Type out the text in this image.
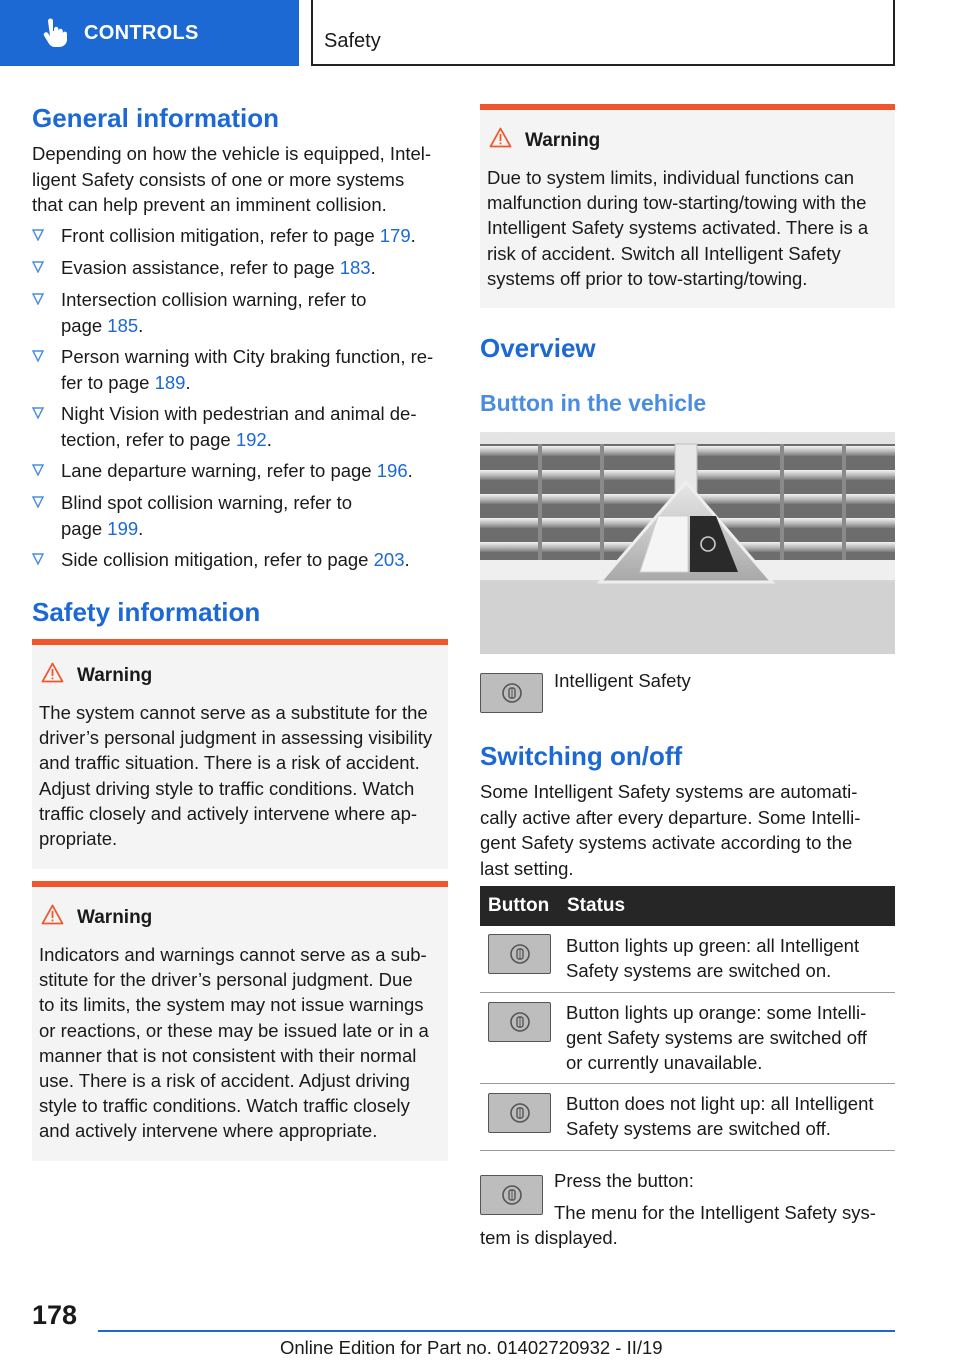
CONTROLS	Safety
General information

Depending on how the vehicle is equipped, Intel‐
ligent Safety consists of one or more systems
that can help prevent an imminent collision.

Front collision mitigation, refer to page 179.
Evasion assistance, refer to page 183.
Intersection collision warning, refer to
page 185.
Person warning with City braking function, re‐
fer to page 189.
Night Vision with pedestrian and animal de‐
tection, refer to page 192.
Lane departure warning, refer to page 196.
Blind spot collision warning, refer to
page 199.
Side collision mitigation, refer to page 203.
Safety information
Warning
The system cannot serve as a substitute for the
driver’s personal judgment in assessing visibility
and traffic situation. There is a risk of accident.
Adjust driving style to traffic conditions. Watch
traffic closely and actively intervene where ap‐
propriate.
Warning
Indicators and warnings cannot serve as a sub‐
stitute for the driver’s personal judgment. Due
to its limits, the system may not issue warnings
or reactions, or these may be issued late or in a
manner that is not consistent with their normal
use. There is a risk of accident. Adjust driving
style to traffic conditions. Watch traffic closely
and actively intervene where appropriate.
Warning
Due to system limits, individual functions can
malfunction during tow-starting/towing with the
Intelligent Safety systems activated. There is a
risk of accident. Switch all Intelligent Safety
systems off prior to tow-starting/towing.
Overview
Button in the vehicle
Intelligent Safety
Switching on/off

Some Intelligent Safety systems are automati‐
cally active after every departure. Some Intelli‐
gent Safety systems activate according to the
last setting.

Button	Status

	Button lights up green: all Intelligent
Safety systems are switched on.

	Button lights up orange: some Intelli‐
gent Safety systems are switched off
or currently unavailable.

	Button does not light up: all Intelligent
Safety systems are switched off.
Press the button:
The menu for the Intelligent Safety sys‐
tem is displayed.
178
Online Edition for Part no. 01402720932 - II/19
